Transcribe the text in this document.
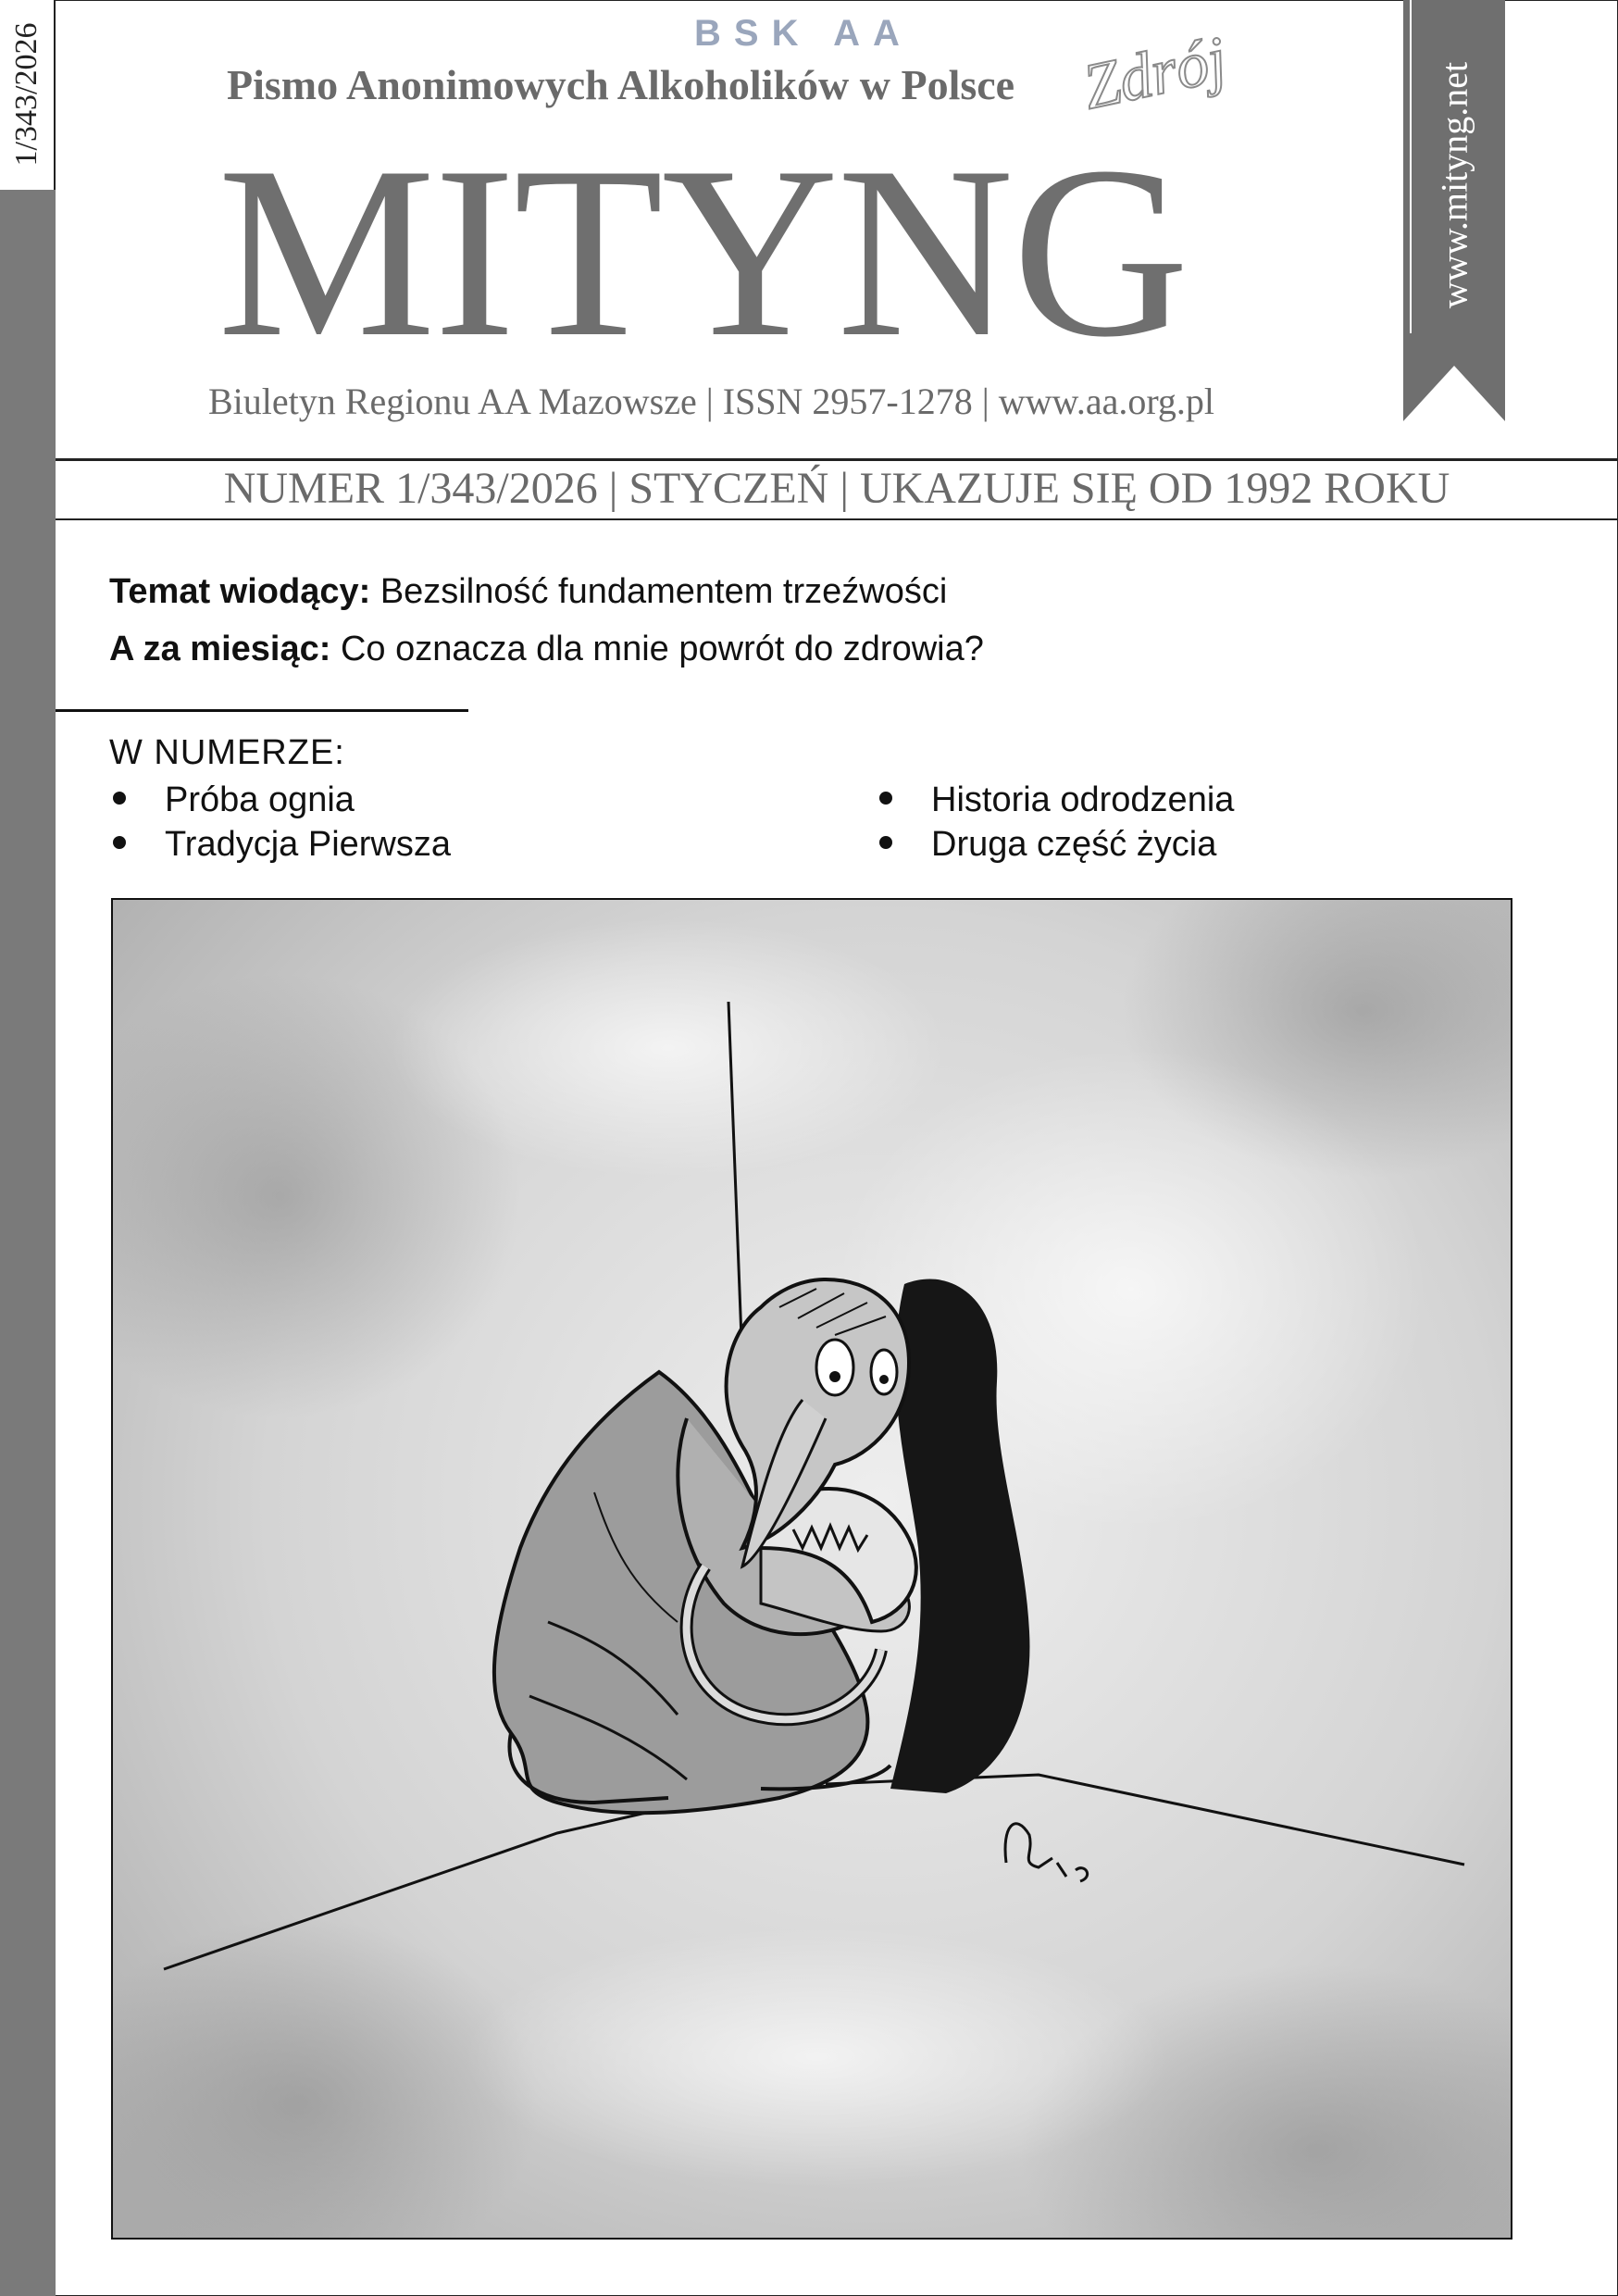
1/343/2026	BSK AA
Pismo Anonimowych Alkoholików w Polsce Zdrój
MITYNG
Biuletyn Regionu AA Mazowsze | ISSN 2957-1278 | www.aa.org.pl
NUMER 1/343/2026 | STYCZEŃ | UKAZUJE SIĘ OD 1992 ROKU
www.mityng.net
Temat wiodący: Bezsilność fundamentem trzeźwości
A za miesiąc: Co oznacza dla mnie powrót do zdrowia?
W NUMERZE:
Próba ognia
Tradycja Pierwsza
Historia odrodzenia
Druga część życia
